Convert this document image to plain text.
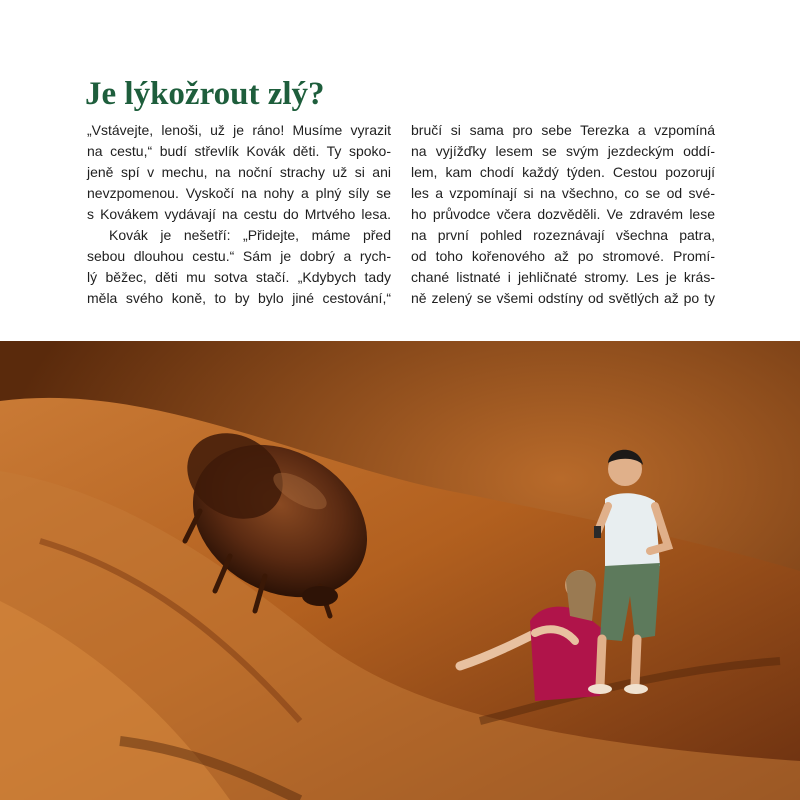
Je lýkožrout zlý?
„Vstávejte, lenoši, už je ráno! Musíme vyrazit
na cestu,“ budí střevlík Kovák děti. Ty spoko-
jeně spí v mechu, na noční strachy už si ani
nevzpomenou. Vyskočí na nohy a plný síly se
s Kovákem vydávají na cestu do Mrtvého lesa.
Kovák je nešetří: „Přidejte, máme před
sebou dlouhou cestu.“ Sám je dobrý a rych-
lý běžec, děti mu sotva stačí. „Kdybych tady
měla svého koně, to by bylo jiné cestování,“
bručí si sama pro sebe Terezka a vzpomíná
na vyjížďky lesem se svým jezdeckým oddí-
lem, kam chodí každý týden. Cestou pozorují
les a vzpomínají si na všechno, co se od své-
ho průvodce včera dozvěděli. Ve zdravém lese
na první pohled rozeznávají všechna patra,
od toho kořenového až po stromové. Promí-
chané listnaté i jehličnaté stromy. Les je krás-
ně zelený se všemi odstíny od světlých až po ty
